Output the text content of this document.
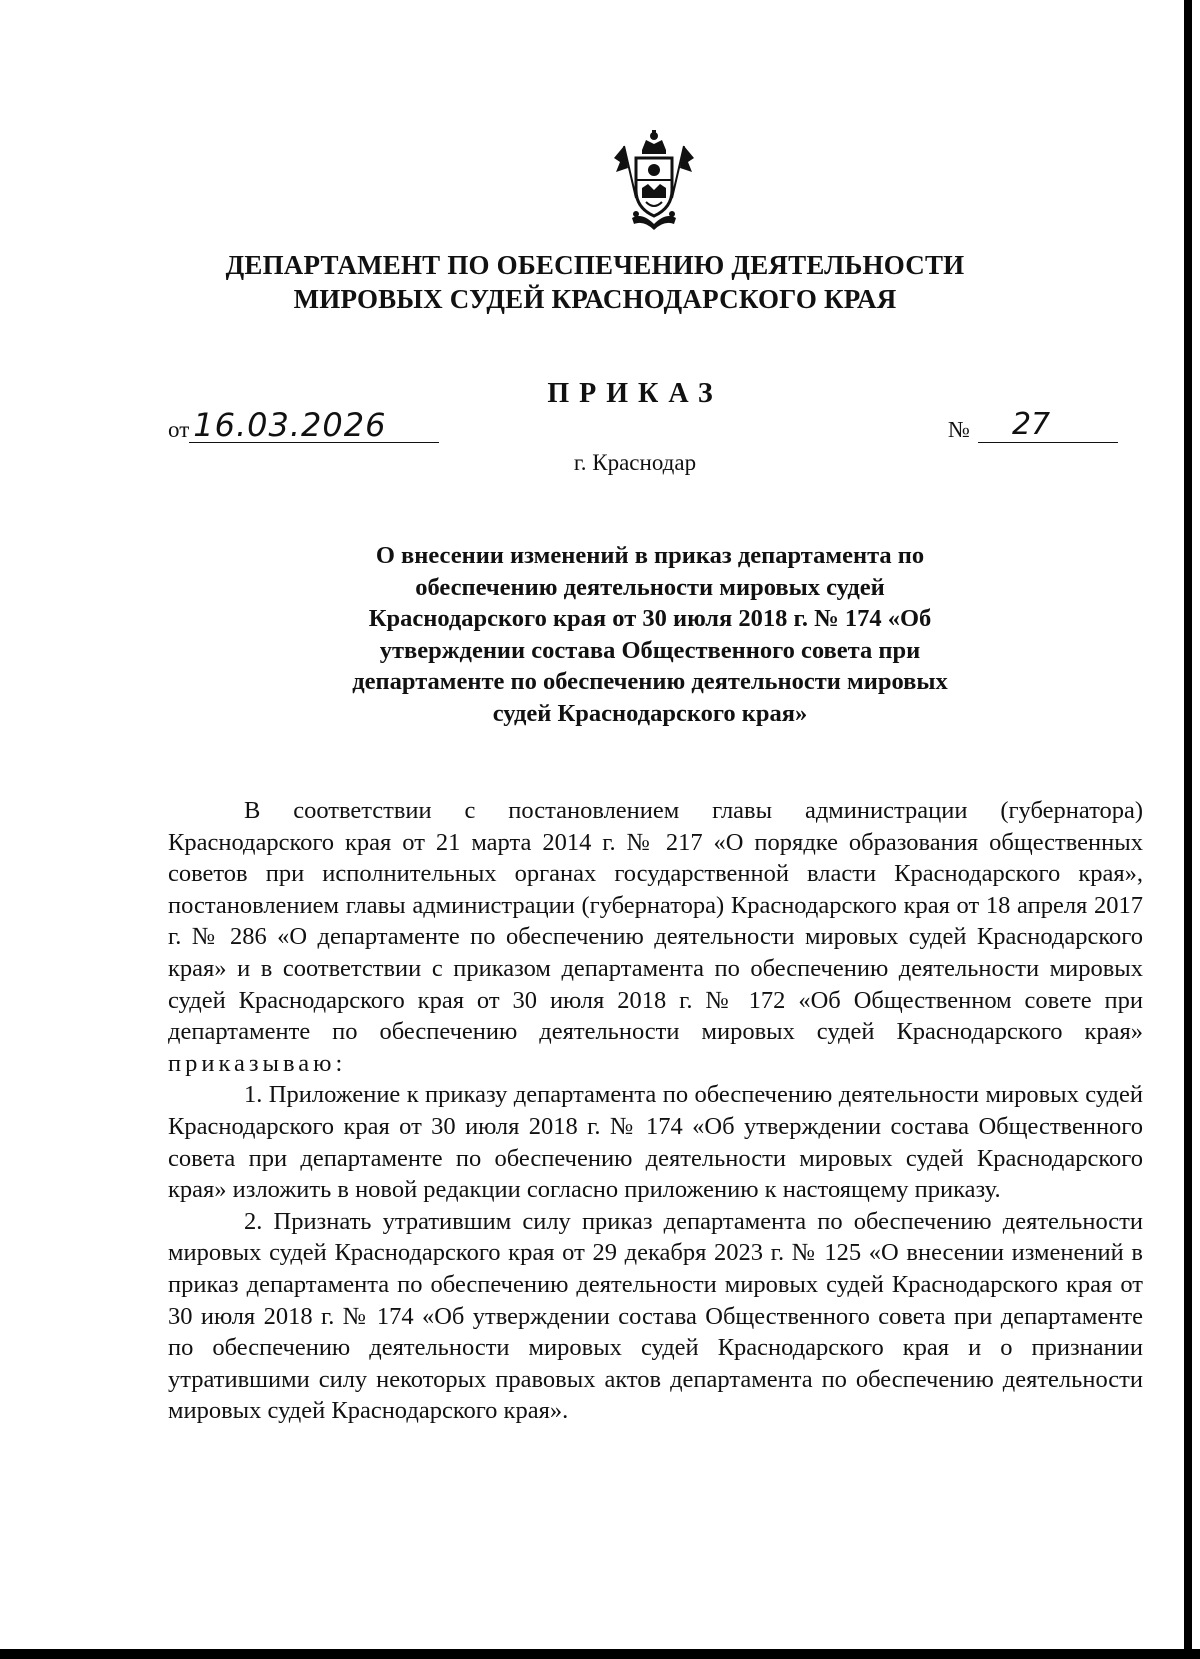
ДЕПАРТАМЕНТ ПО ОБЕСПЕЧЕНИЮ ДЕЯТЕЛЬНОСТИ
МИРОВЫХ СУДЕЙ КРАСНОДАРСКОГО КРАЯ
ПРИКАЗ
от 16.03.2026	№	27
г. Краснодар
О внесении изменений в приказ департамента по
обеспечению деятельности мировых судей
Краснодарского края от 30 июля 2018 г. № 174 «Об
утверждении состава Общественного совета при
департаменте по обеспечению деятельности мировых
судей Краснодарского края»

В соответствии с постановлением главы администрации (губернатора) Краснодарского края от 21 марта 2014 г. № 217 «О порядке образования общественных советов при исполнительных органах государственной власти Краснодарского края», постановлением главы администрации (губернатора) Краснодарского края от 18 апреля 2017 г. № 286 «О департаменте по обеспечению деятельности мировых судей Краснодарского края» и в соответствии с приказом департамента по обеспечению деятельности мировых судей Краснодарского края от 30 июля 2018 г. № 172 «Об Общественном совете при департаменте по обеспечению деятельности мировых судей Краснодарского края» приказываю:

1. Приложение к приказу департамента по обеспечению деятельности мировых судей Краснодарского края от 30 июля 2018 г. № 174 «Об утверждении состава Общественного совета при департаменте по обеспечению деятельности мировых судей Краснодарского края» изложить в новой редакции согласно приложению к настоящему приказу.

2. Признать утратившим силу приказ департамента по обеспечению деятельности мировых судей Краснодарского края от 29 декабря 2023 г. № 125 «О внесении изменений в приказ департамента по обеспечению деятельности мировых судей Краснодарского края от 30 июля 2018 г. № 174 «Об утверждении состава Общественного совета при департаменте по обеспечению деятельности мировых судей Краснодарского края и о признании утратившими силу некоторых правовых актов департамента по обеспечению деятельности мировых судей Краснодарского края».
